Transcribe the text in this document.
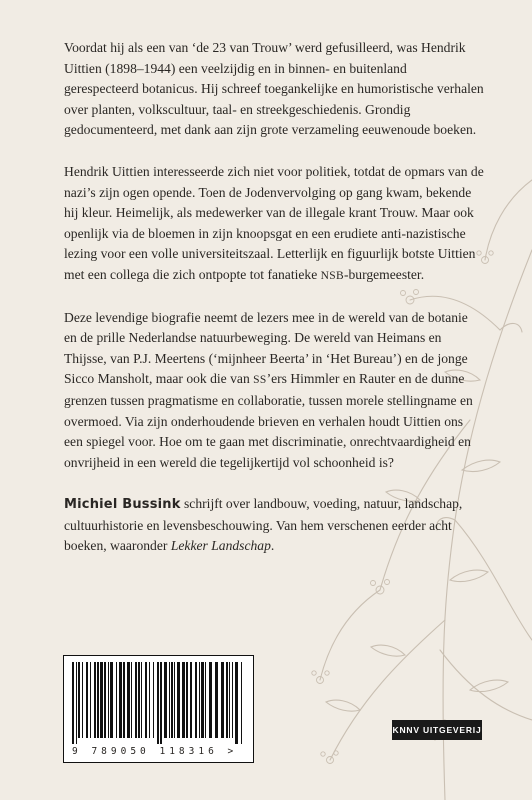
Voordat hij als een van ‘de 23 van Trouw’ werd gefusilleerd, was Hendrik Uittien (1898–1944) een veelzijdig en in binnen- en buitenland gerespecteerd botanicus. Hij schreef toegankelijke en humoristische verhalen over planten, volkscultuur, taal- en streekgeschiedenis. Grondig gedocumenteerd, met dank aan zijn grote verzameling eeuwenoude boeken.

Hendrik Uittien interesseerde zich niet voor politiek, totdat de opmars van de nazi’s zijn ogen opende. Toen de Jodenvervolging op gang kwam, bekende hij kleur. Heimelijk, als medewerker van de illegale krant Trouw. Maar ook openlijk via de bloemen in zijn knoopsgat en een erudiete anti-nazistische lezing voor een volle universiteitszaal. Letterlijk en figuurlijk botste Uittien met een collega die zich ontpopte tot fanatieke NSB-burgemeester.

Deze levendige biografie neemt de lezers mee in de wereld van de botanie en de prille Nederlandse natuurbeweging. De wereld van Heimans en Thijsse, van P.J. Meertens (‘mijnheer Beerta’ in ‘Het Bureau’) en de jonge Sicco Mansholt, maar ook die van SS’ers Himmler en Rauter en de dunne grenzen tussen pragmatisme en collaboratie, tussen morele stellingname en overmoed. Via zijn onderhoudende brieven en verhalen houdt Uittien ons een spiegel voor. Hoe om te gaan met discriminatie, onrechtvaardigheid en onvrijheid in een wereld die tegelijkertijd vol schoonheid is?

Michiel Bussink schrijft over landbouw, voeding, natuur, landschap, cultuurhistorie en levensbeschouwing. Van hem verschenen eerder acht boeken, waaronder Lekker Landschap.

9 789050 118316 >
KNNV UITGEVERIJ
